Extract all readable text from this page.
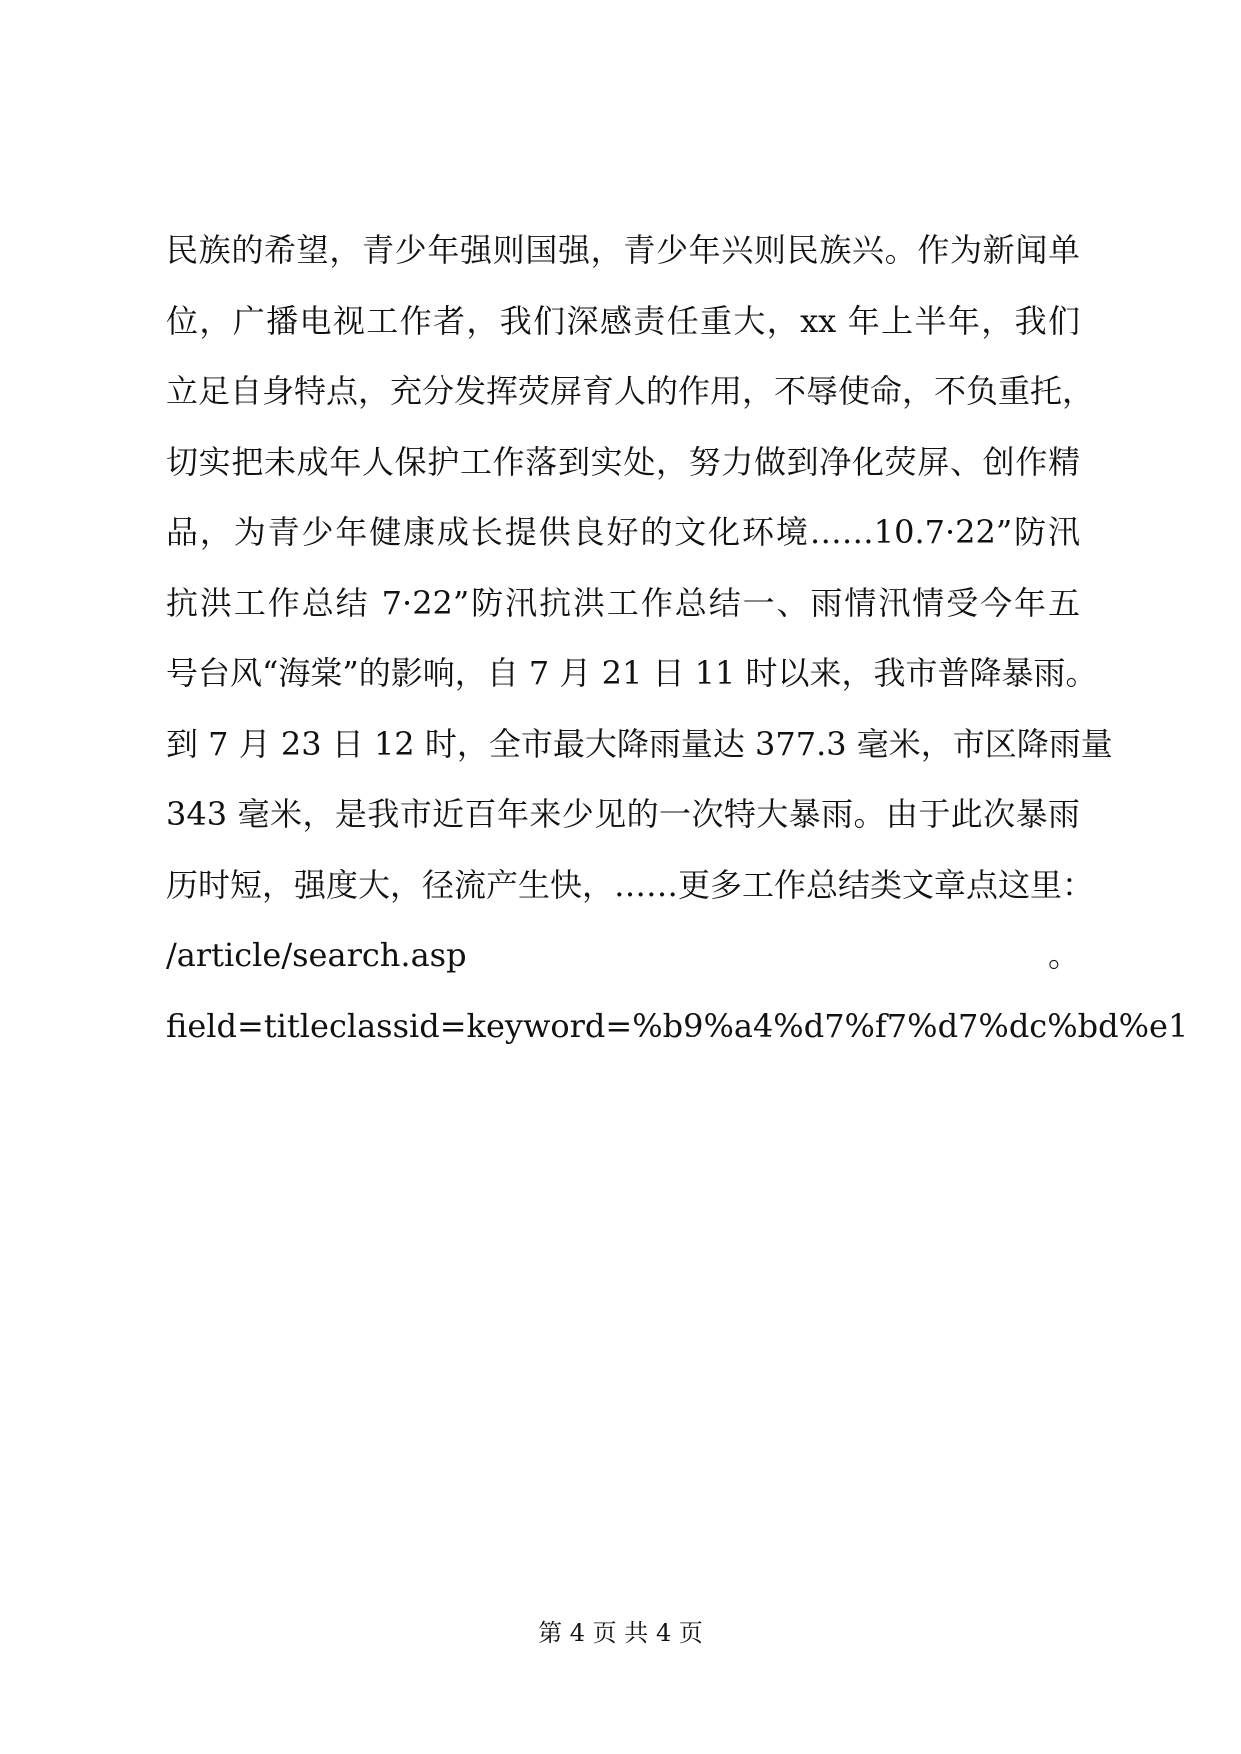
民族的希望，青少年强则国强，青少年兴则民族兴。作为新闻单
位，广播电视工作者，我们深感责任重大，xx 年上半年，我们
立足自身特点，充分发挥荧屏育人的作用，不辱使命，不负重托，
切实把未成年人保护工作落到实处，努力做到净化荧屏、创作精
品，为青少年健康成长提供良好的文化环境……10.7·22”防汛
抗洪工作总结 7·22”防汛抗洪工作总结一、雨情汛情受今年五
号台风“海棠”的影响，自 7 月 21 日 11 时以来，我市普降暴雨。
到 7 月 23 日 12 时，全市最大降雨量达 377.3 毫米，市区降雨量
343 毫米，是我市近百年来少见的一次特大暴雨。由于此次暴雨
历时短，强度大，径流产生快，……更多工作总结类文章点这里：
/article/search.asp	。
field=titleclassid=keyword=%b9%a4%d7%f7%d7%dc%bd%e1
第 4 页 共 4 页
